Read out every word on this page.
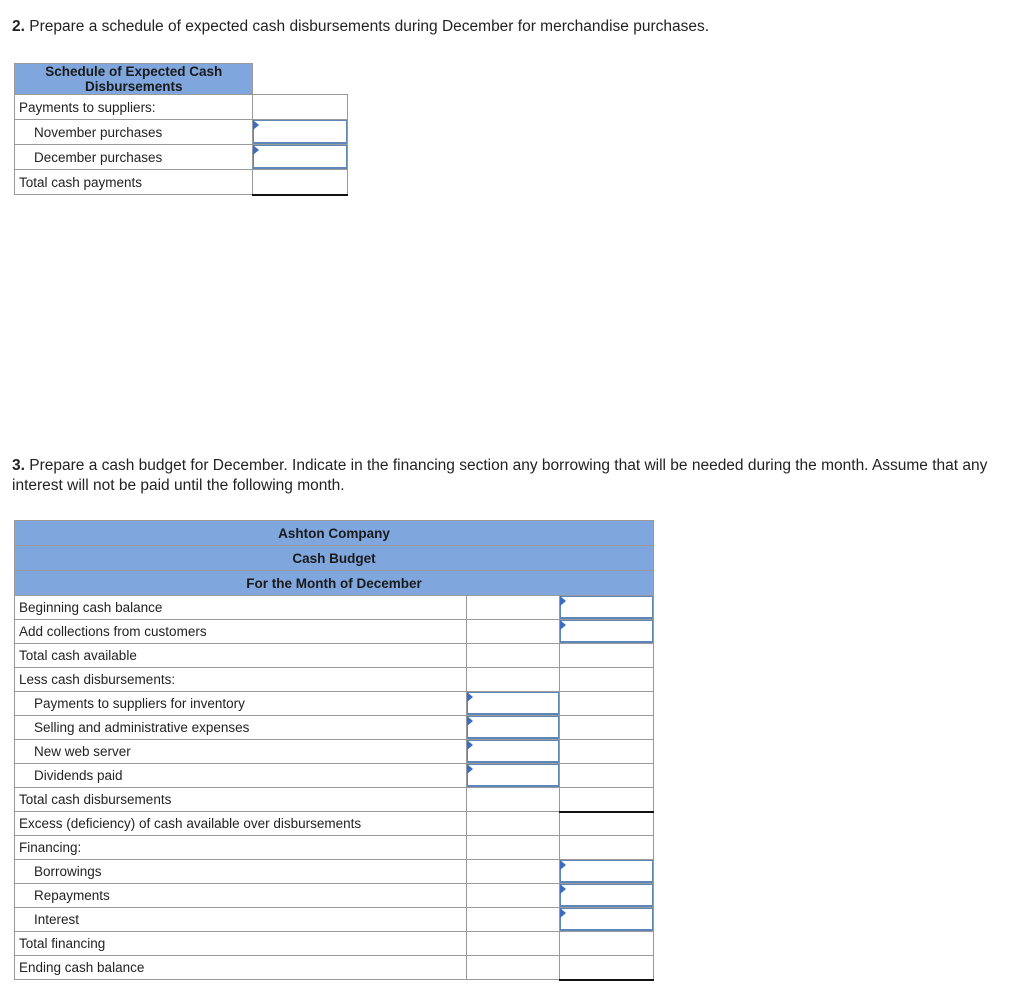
2. Prepare a schedule of expected cash disbursements during December for merchandise purchases.

Schedule of Expected Cash Disbursements	
Payments to suppliers:	
November purchases	

December purchases	

Total cash payments	

3. Prepare a cash budget for December. Indicate in the financing section any borrowing that will be needed during the month. Assume that any interest will not be paid until the following month.

Ashton Company		
Cash Budget		
For the Month of December		
Beginning cash balance		

Add collections from customers		

Total cash available		
Less cash disbursements:		
Payments to suppliers for inventory	

Selling and administrative expenses	

New web server	

Dividends paid	

Total cash disbursements		
Excess (deficiency) of cash available over disbursements		
Financing:		
Borrowings		

Repayments		

Interest		

Total financing		
Ending cash balance		
